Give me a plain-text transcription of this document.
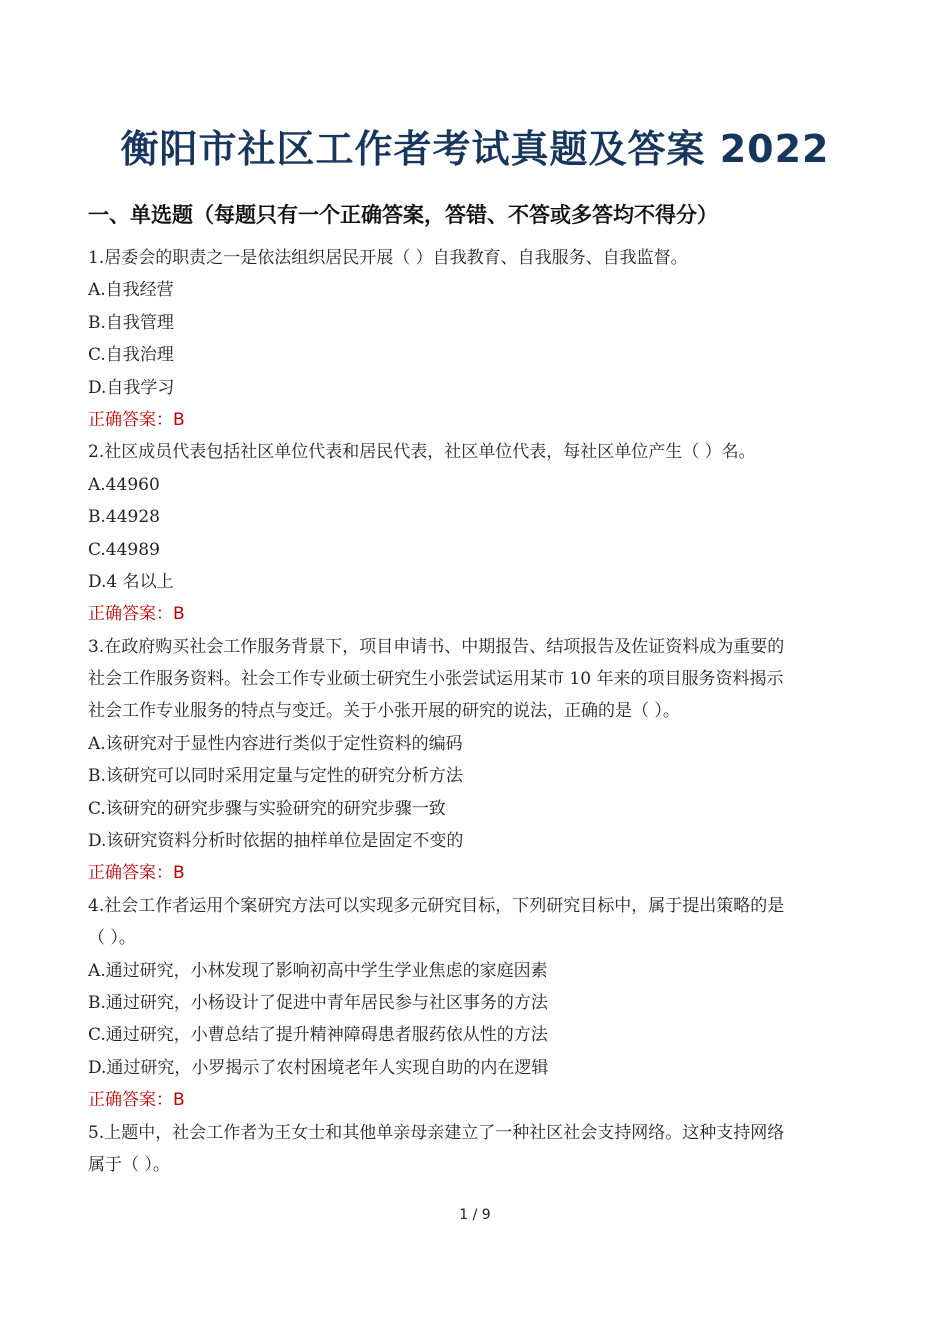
衡阳市社区工作者考试真题及答案 2022
一、单选题（每题只有一个正确答案，答错、不答或多答均不得分）
1.居委会的职责之一是依法组织居民开展（ ）自我教育、自我服务、自我监督。
A.自我经营
B.自我管理
C.自我治理
D.自我学习
正确答案：B
2.社区成员代表包括社区单位代表和居民代表，社区单位代表，每社区单位产生（ ）名。
A.44960
B.44928
C.44989
D.4 名以上
正确答案：B
3.在政府购买社会工作服务背景下，项目申请书、中期报告、结项报告及佐证资料成为重要的
社会工作服务资料。社会工作专业硕士研究生小张尝试运用某市 10 年来的项目服务资料揭示
社会工作专业服务的特点与变迁。关于小张开展的研究的说法，正确的是（ ）。
A.该研究对于显性内容进行类似于定性资料的编码
B.该研究可以同时采用定量与定性的研究分析方法
C.该研究的研究步骤与实验研究的研究步骤一致
D.该研究资料分析时依据的抽样单位是固定不变的
正确答案：B
4.社会工作者运用个案研究方法可以实现多元研究目标，下列研究目标中，属于提出策略的是
（ ）。
A.通过研究，小林发现了影响初高中学生学业焦虑的家庭因素
B.通过研究，小杨设计了促进中青年居民参与社区事务的方法
C.通过研究，小曹总结了提升精神障碍患者服药依从性的方法
D.通过研究，小罗揭示了农村困境老年人实现自助的内在逻辑
正确答案：B
5.上题中，社会工作者为王女士和其他单亲母亲建立了一种社区社会支持网络。这种支持网络
属于（ ）。
1 / 9
